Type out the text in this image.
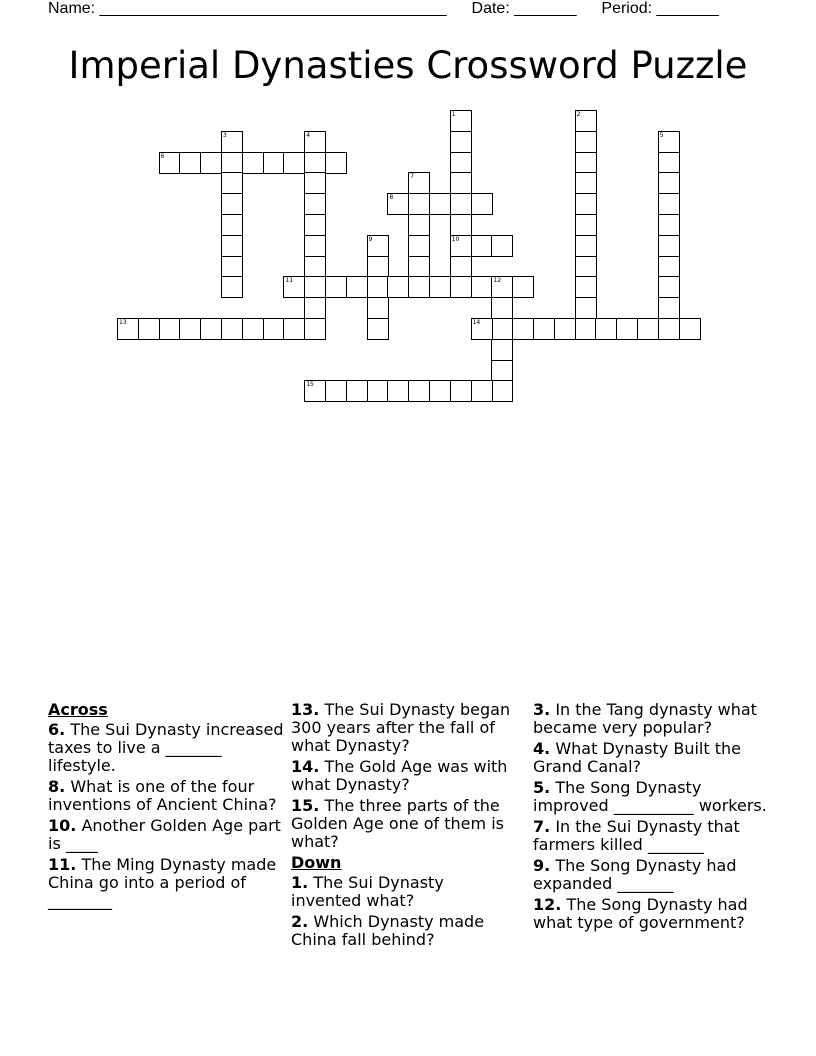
Name: _______________________________________ Date: _______ Period: _______
Imperial Dynasties Crossword Puzzle
1
10
2
3	4	5
6
7
8
9
11	12
13	14
15
Across
6. The Sui Dynasty increased taxes to live a _______ lifestyle.
8. What is one of the four inventions of Ancient China?
10. Another Golden Age part is ____
11. The Ming Dynasty made China go into a period of ________
13. The Sui Dynasty began 300 years after the fall of what Dynasty?
14. The Gold Age was with what Dynasty?
15. The three parts of the Golden Age one of them is what?
Down
1. The Sui Dynasty invented what?
2. Which Dynasty made China fall behind?
3. In the Tang dynasty what became very popular?
4. What Dynasty Built the Grand Canal?
5. The Song Dynasty improved __________ workers.
7. In the Sui Dynasty that farmers killed _______
9. The Song Dynasty had expanded _______
12. The Song Dynasty had what type of government?
